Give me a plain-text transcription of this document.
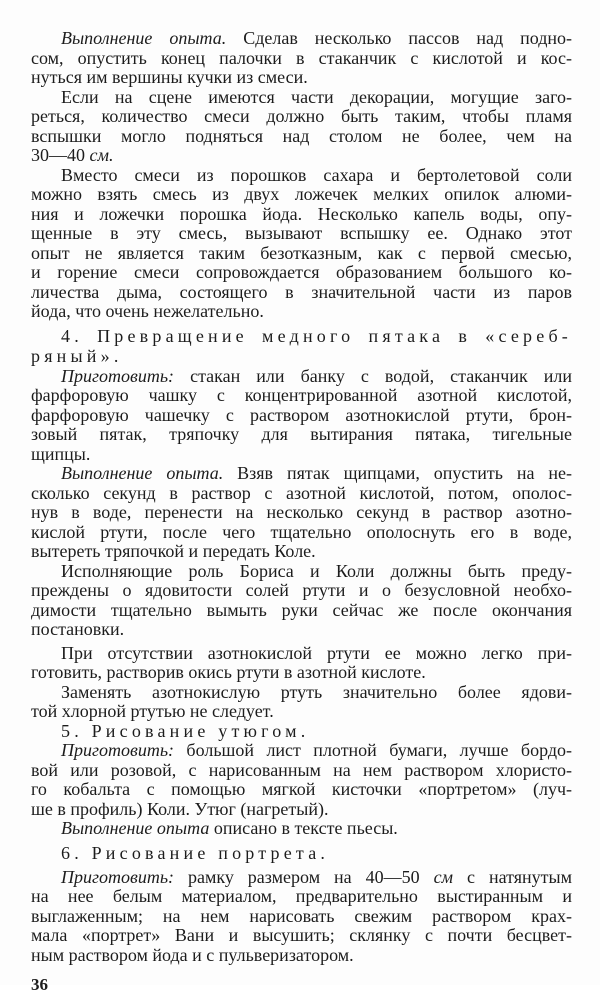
Выполнение опыта. Сделав несколько пассов над подно-
сом, опустить конец палочки в стаканчик с кислотой и кос-
нуться им вершины кучки из смеси.
Если на сцене имеются части декорации, могущие заго-
реться, количество смеси должно быть таким, чтобы пламя
вспышки могло подняться над столом не более, чем на
30—40 см.
Вместо смеси из порошков сахара и бертолетовой соли
можно взять смесь из двух ложечек мелких опилок алюми-
ния и ложечки порошка йода. Несколько капель воды, опу-
щенные в эту смесь, вызывают вспышку ее. Однако этот
опыт не является таким безотказным, как с первой смесью,
и горение смеси сопровождается образованием большого ко-
личества дыма, состоящего в значительной части из паров
йода, что очень нежелательно.
4. Превращение медного пятака в «сереб-
ряный».
Приготовить: стакан или банку с водой, стаканчик или
фарфоровую чашку с концентрированной азотной кислотой,
фарфоровую чашечку с раствором азотнокислой ртути, брон-
зовый пятак, тряпочку для вытирания пятака, тигельные
щипцы.
Выполнение опыта. Взяв пятак щипцами, опустить на не-
сколько секунд в раствор с азотной кислотой, потом, ополос-
нув в воде, перенести на несколько секунд в раствор азотно-
кислой ртути, после чего тщательно ополоснуть его в воде,
вытереть тряпочкой и передать Коле.
Исполняющие роль Бориса и Коли должны быть преду-
преждены о ядовитости солей ртути и о безусловной необхо-
димости тщательно вымыть руки сейчас же после окончания
постановки.
При отсутствии азотнокислой ртути ее можно легко при-
готовить, растворив окись ртути в азотной кислоте.
Заменять азотнокислую ртуть значительно более ядови-
той хлорной ртутью не следует.
5. Рисование утюгом.
Приготовить: большой лист плотной бумаги, лучше бордо-
вой или розовой, с нарисованным на нем раствором хлористо-
го кобальта с помощью мягкой кисточки «портретом» (луч-
ше в профиль) Коли. Утюг (нагретый).
Выполнение опыта описано в тексте пьесы.
6. Рисование портрета.
Приготовить: рамку размером на 40—50 см с натянутым
на нее белым материалом, предварительно выстиранным и
выглаженным; на нем нарисовать свежим раствором крах-
мала «портрет» Вани и высушить; склянку с почти бесцвет-
ным раствором йода и с пульверизатором.
36
